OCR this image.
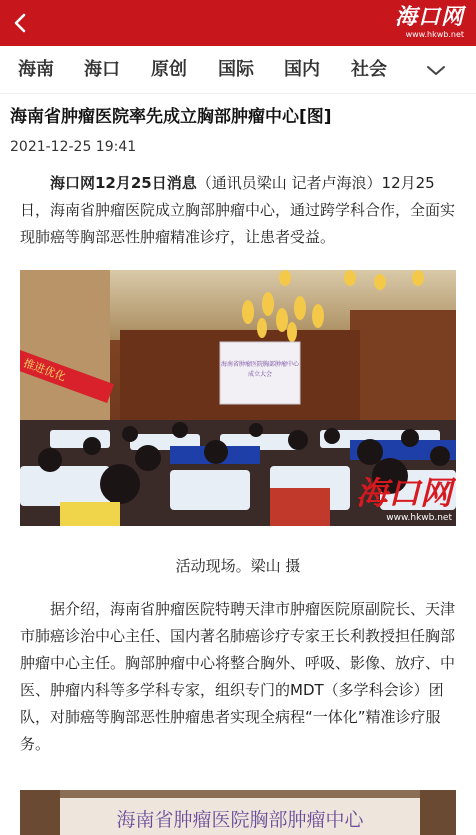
海口网
www.hkwb.net
海南 海口 原创 国际 国内 社会
海南省肿瘤医院率先成立胸部肿瘤中心[图]
2021-12-25 19:41

海口网12月25日消息（通讯员梁山 记者卢海浪）12月25日，海南省肿瘤医院成立胸部肿瘤中心，通过跨学科合作，全面实现肺癌等胸部恶性肿瘤精准诊疗，让患者受益。

海南省肿瘤医院胸部肿瘤中心
成立大会
推进优化
海口网
www.hkwb.net
活动现场。梁山 摄

据介绍，海南省肿瘤医院特聘天津市肿瘤医院原副院长、天津市肺癌诊治中心主任、国内著名肺癌诊疗专家王长利教授担任胸部肿瘤中心主任。胸部肿瘤中心将整合胸外、呼吸、影像、放疗、中医、肿瘤内科等多学科专家，组织专门的MDT（多学科会诊）团队，对肺癌等胸部恶性肿瘤患者实现全病程“一体化”精准诊疗服务。

海南省肿瘤医院胸部肿瘤中心
